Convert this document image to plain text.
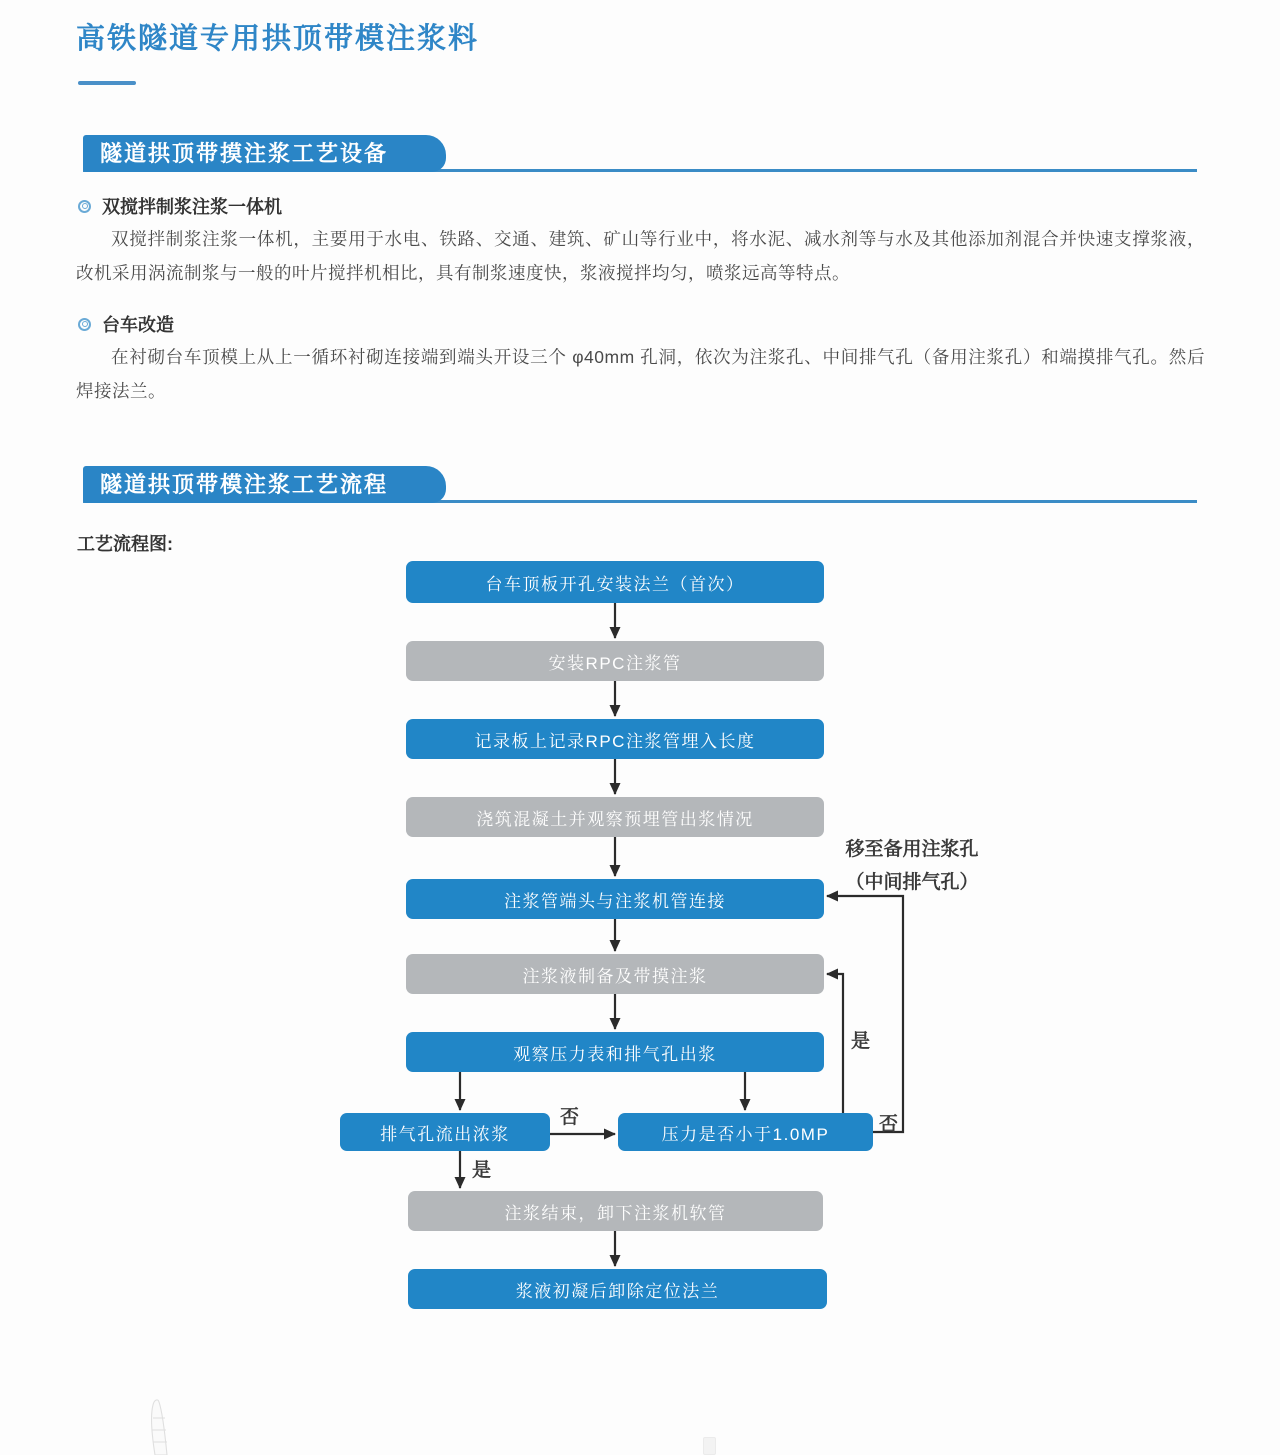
高铁隧道专用拱顶带模注浆料
隧道拱顶带摸注浆工艺设备
双搅拌制浆注浆一体机

双搅拌制浆注浆一体机，主要用于水电、铁路、交通、建筑、矿山等行业中，将水泥、减水剂等与水及其他添加剂混合并快速支撑浆液，改机采用涡流制浆与一般的叶片搅拌机相比，具有制浆速度快，浆液搅拌均匀，喷浆远高等特点。

台车改造

在衬砌台车顶模上从上一循环衬砌连接端到端头开设三个 φ40mm 孔洞，依次为注浆孔、中间排气孔（备用注浆孔）和端摸排气孔。然后焊接法兰。

隧道拱顶带模注浆工艺流程
工艺流程图:
台车顶板开孔安装法兰（首次）
安装RPC注浆管
记录板上记录RPC注浆管埋入长度
浇筑混凝土并观察预埋管出浆情况
注浆管端头与注浆机管连接
注浆液制备及带摸注浆
观察压力表和排气孔出浆
排气孔流出浓浆	压力是否小于1.0MP
注浆结束，卸下注浆机软管
浆液初凝后卸除定位法兰
否
是
是
否
移至备用注浆孔
（中间排气孔）
